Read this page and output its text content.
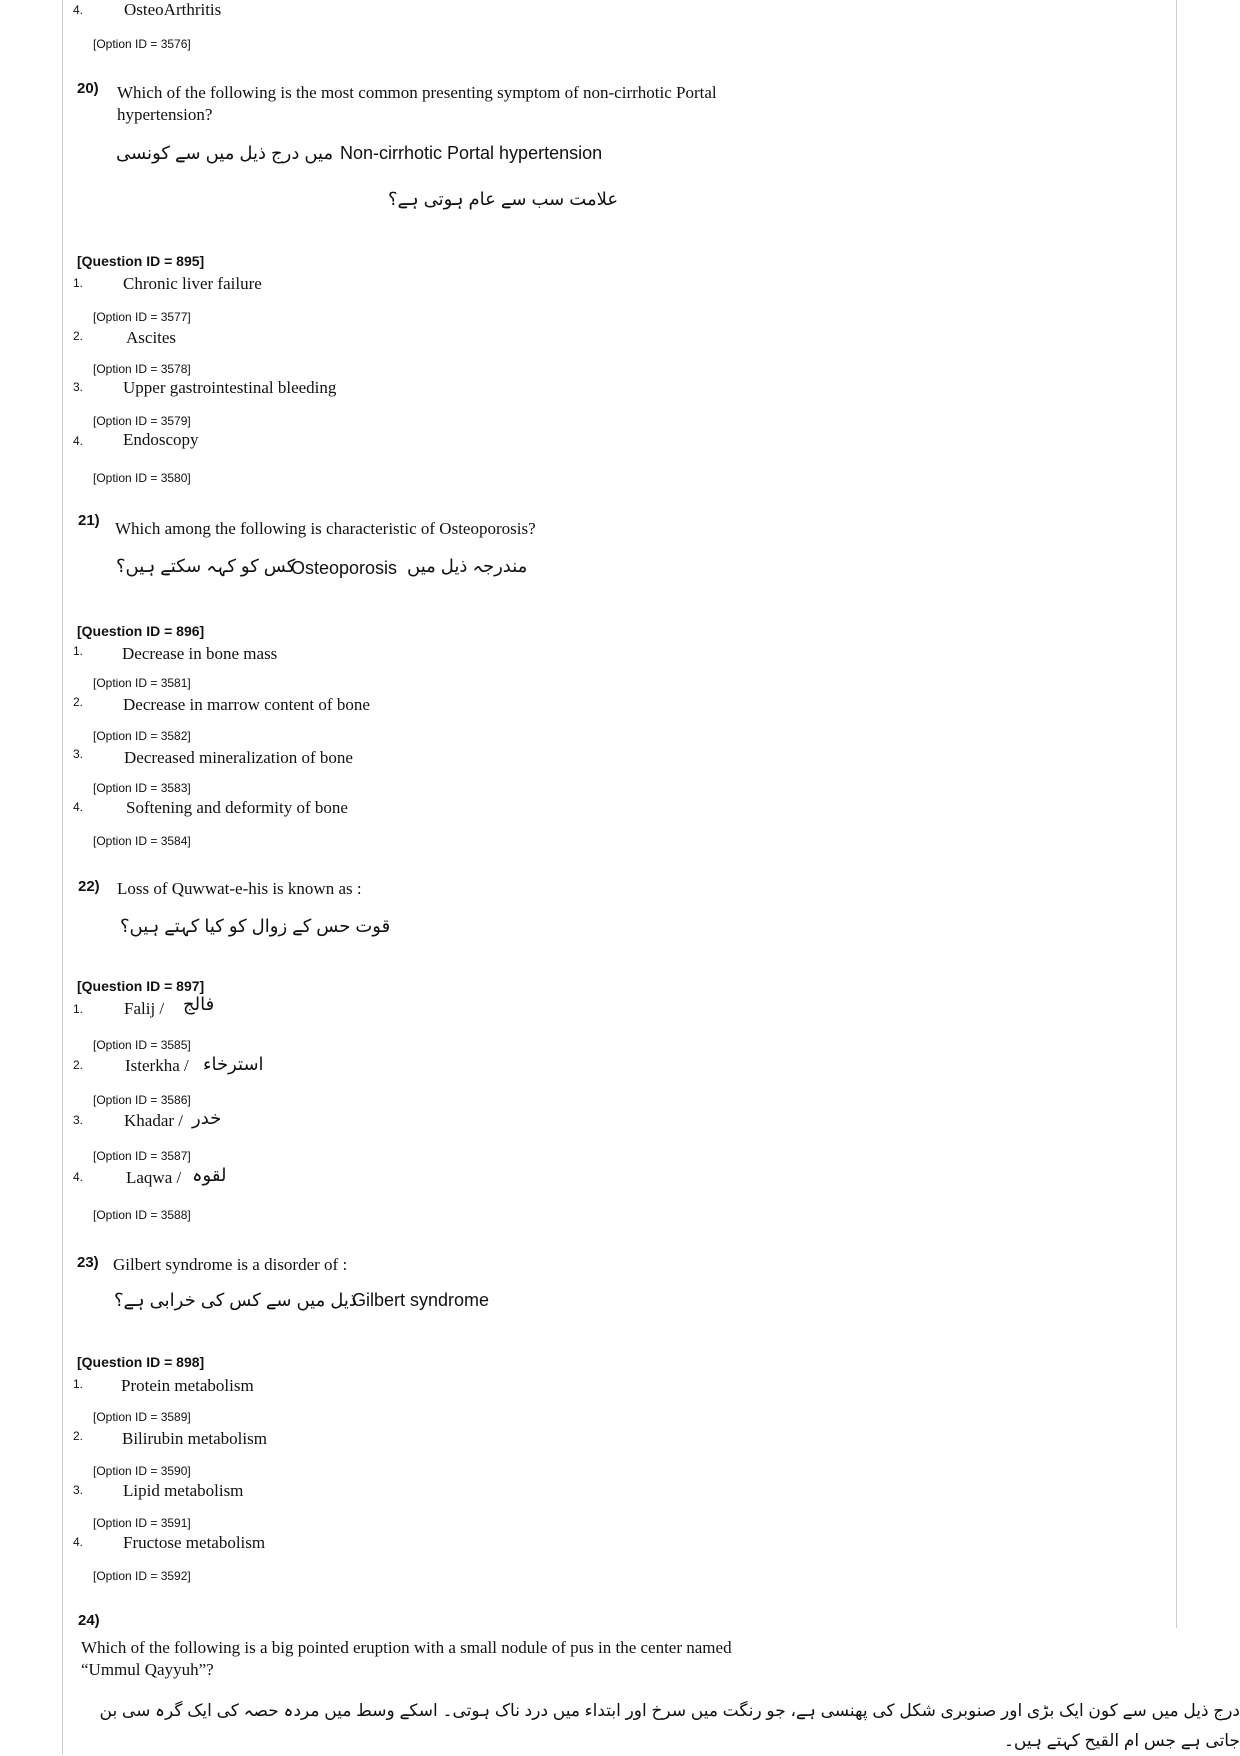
4. OsteoArthritis
[Option ID = 3576]
20) Which of the following is the most common presenting symptom of non-cirrhotic Portal
hypertension?
Non-cirrhotic Portal hypertension
میں درج ذیل میں سے کونسی
علامت سب سے عام ہوتی ہے؟
[Question ID = 895]
1. Chronic liver failure
[Option ID = 3577]
2.	Ascites
[Option ID = 3578]
3. Upper gastrointestinal bleeding
[Option ID = 3579]
4. Endoscopy
[Option ID = 3580]
21) Which among the following is characteristic of Osteoporosis?
مندرجہ ذیل میں
Osteoporosis
کس کو کہہ سکتے ہیں؟
[Question ID = 896]
1. Decrease in bone mass
[Option ID = 3581]
2. Decrease in marrow content of bone
[Option ID = 3582]
3. Decreased mineralization of bone
[Option ID = 3583]
4.	Softening and deformity of bone
[Option ID = 3584]
22) Loss of Quwwat-e-his is known as :
قوت حس کے زوال کو کیا کہتے ہیں؟
[Question ID = 897]
1. Falij / فالج
[Option ID = 3585]
2. Isterkha / استرخاء
[Option ID = 3586]
3. Khadar / خدر
[Option ID = 3587]
4.	Laqwa / لقوہ
[Option ID = 3588]
23) Gilbert syndrome is a disorder of :
Gilbert syndrome
ذیل میں سے کس کی خرابی ہے؟
[Question ID = 898]
1. Protein metabolism
[Option ID = 3589]
2. Bilirubin metabolism
[Option ID = 3590]
3. Lipid metabolism
[Option ID = 3591]
4. Fructose metabolism
[Option ID = 3592]
24)
Which of the following is a big pointed eruption with a small nodule of pus in the center named
“Ummul Qayyuh”?
درج ذیل میں سے کون ایک بڑی اور صنوبری شکل کی پھنسی ہے، جو رنگت میں سرخ اور ابتداء میں درد ناک ہوتی۔ اسکے وسط میں مردہ حصہ کی ایک گرہ سی بن
جاتی ہے جس ام القیح کہتے ہیں۔
